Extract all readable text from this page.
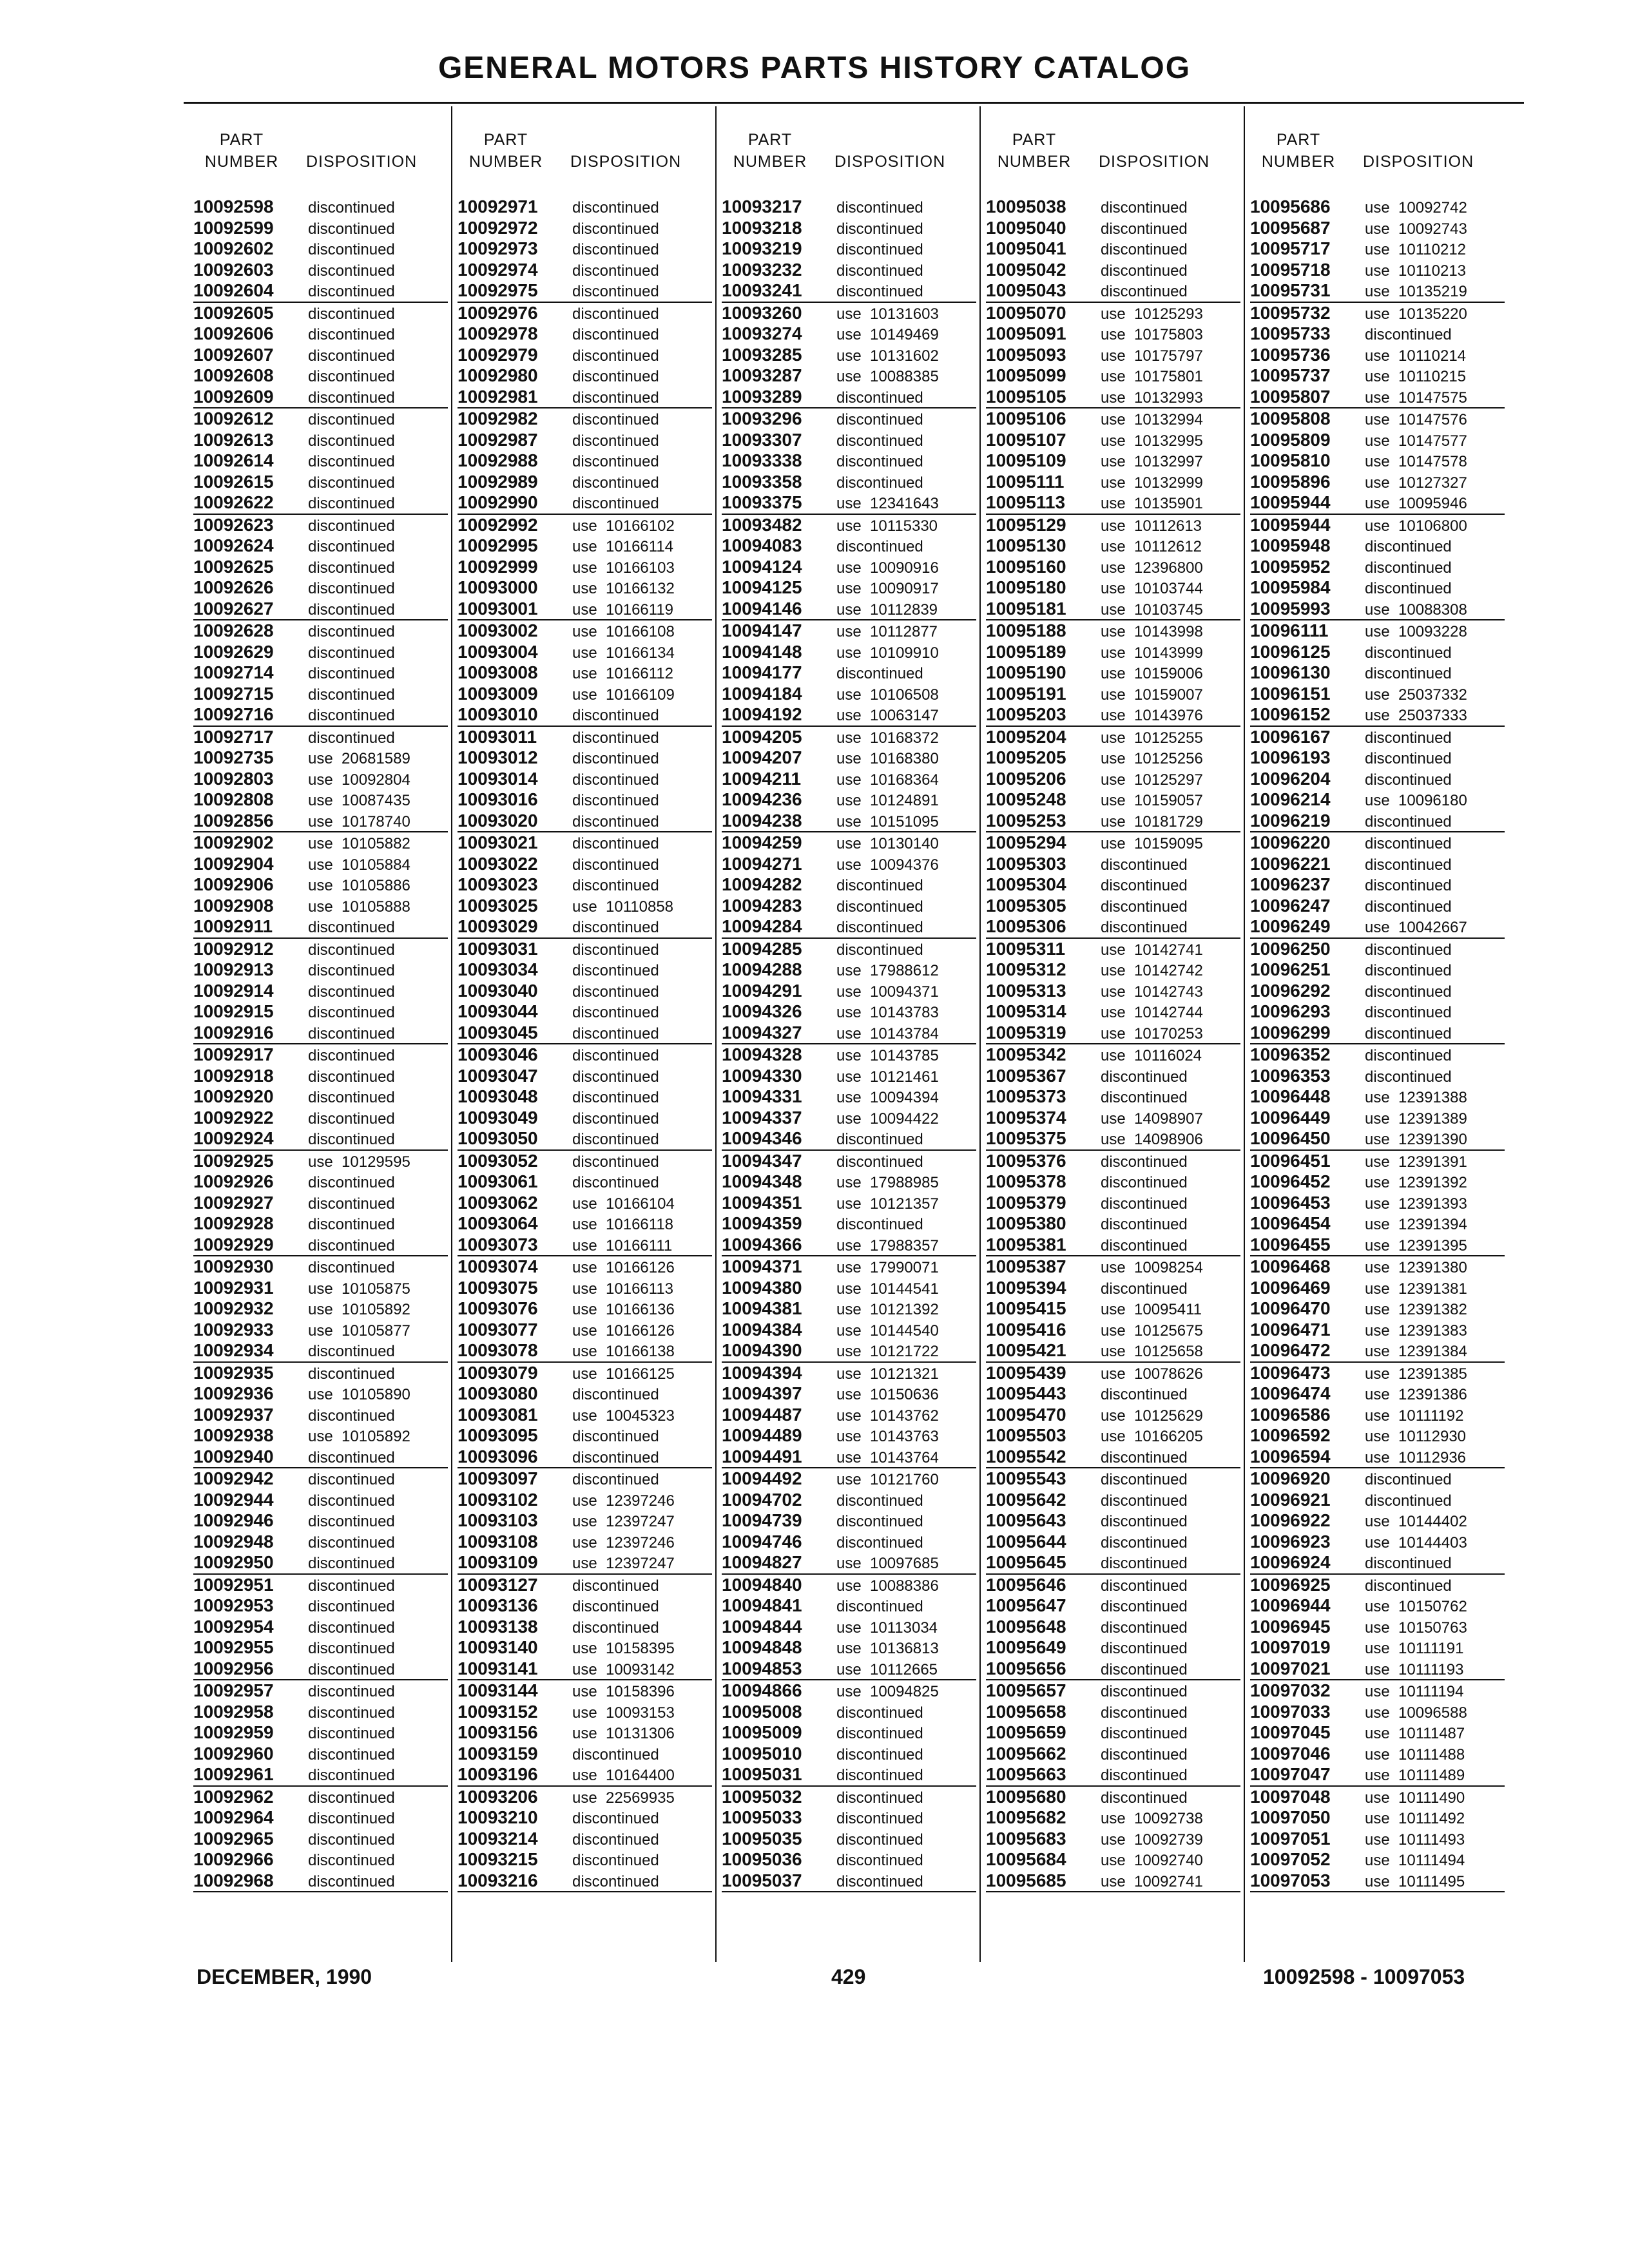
GENERAL MOTORS PARTS HISTORY CATALOG
PART
NUMBER DISPOSITION
10092598 discontinued
10092599 discontinued
10092602 discontinued
10092603 discontinued
10092604 discontinued
10092605 discontinued
10092606 discontinued
10092607 discontinued
10092608 discontinued
10092609 discontinued
10092612 discontinued
10092613 discontinued
10092614 discontinued
10092615 discontinued
10092622 discontinued
10092623 discontinued
10092624 discontinued
10092625 discontinued
10092626 discontinued
10092627 discontinued
10092628 discontinued
10092629 discontinued
10092714 discontinued
10092715 discontinued
10092716 discontinued
10092717 discontinued
10092735 use  20681589
10092803 use  10092804
10092808 use  10087435
10092856 use  10178740
10092902 use  10105882
10092904 use  10105884
10092906 use  10105886
10092908 use  10105888
10092911 discontinued
10092912 discontinued
10092913 discontinued
10092914 discontinued
10092915 discontinued
10092916 discontinued
10092917 discontinued
10092918 discontinued
10092920 discontinued
10092922 discontinued
10092924 discontinued
10092925 use  10129595
10092926 discontinued
10092927 discontinued
10092928 discontinued
10092929 discontinued
10092930 discontinued
10092931 use  10105875
10092932 use  10105892
10092933 use  10105877
10092934 discontinued
10092935 discontinued
10092936 use  10105890
10092937 discontinued
10092938 use  10105892
10092940 discontinued
10092942 discontinued
10092944 discontinued
10092946 discontinued
10092948 discontinued
10092950 discontinued
10092951 discontinued
10092953 discontinued
10092954 discontinued
10092955 discontinued
10092956 discontinued
10092957 discontinued
10092958 discontinued
10092959 discontinued
10092960 discontinued
10092961 discontinued
10092962 discontinued
10092964 discontinued
10092965 discontinued
10092966 discontinued
10092968 discontinued
PART
NUMBER DISPOSITION
10092971 discontinued
10092972 discontinued
10092973 discontinued
10092974 discontinued
10092975 discontinued
10092976 discontinued
10092978 discontinued
10092979 discontinued
10092980 discontinued
10092981 discontinued
10092982 discontinued
10092987 discontinued
10092988 discontinued
10092989 discontinued
10092990 discontinued
10092992 use  10166102
10092995 use  10166114
10092999 use  10166103
10093000 use  10166132
10093001 use  10166119
10093002 use  10166108
10093004 use  10166134
10093008 use  10166112
10093009 use  10166109
10093010 discontinued
10093011 discontinued
10093012 discontinued
10093014 discontinued
10093016 discontinued
10093020 discontinued
10093021 discontinued
10093022 discontinued
10093023 discontinued
10093025 use  10110858
10093029 discontinued
10093031 discontinued
10093034 discontinued
10093040 discontinued
10093044 discontinued
10093045 discontinued
10093046 discontinued
10093047 discontinued
10093048 discontinued
10093049 discontinued
10093050 discontinued
10093052 discontinued
10093061 discontinued
10093062 use  10166104
10093064 use  10166118
10093073 use  10166111
10093074 use  10166126
10093075 use  10166113
10093076 use  10166136
10093077 use  10166126
10093078 use  10166138
10093079 use  10166125
10093080 discontinued
10093081 use  10045323
10093095 discontinued
10093096 discontinued
10093097 discontinued
10093102 use  12397246
10093103 use  12397247
10093108 use  12397246
10093109 use  12397247
10093127 discontinued
10093136 discontinued
10093138 discontinued
10093140 use  10158395
10093141 use  10093142
10093144 use  10158396
10093152 use  10093153
10093156 use  10131306
10093159 discontinued
10093196 use  10164400
10093206 use  22569935
10093210 discontinued
10093214 discontinued
10093215 discontinued
10093216 discontinued
PART
NUMBER DISPOSITION
10093217 discontinued
10093218 discontinued
10093219 discontinued
10093232 discontinued
10093241 discontinued
10093260 use  10131603
10093274 use  10149469
10093285 use  10131602
10093287 use  10088385
10093289 discontinued
10093296 discontinued
10093307 discontinued
10093338 discontinued
10093358 discontinued
10093375 use  12341643
10093482 use  10115330
10094083 discontinued
10094124 use  10090916
10094125 use  10090917
10094146 use  10112839
10094147 use  10112877
10094148 use  10109910
10094177 discontinued
10094184 use  10106508
10094192 use  10063147
10094205 use  10168372
10094207 use  10168380
10094211 use  10168364
10094236 use  10124891
10094238 use  10151095
10094259 use  10130140
10094271 use  10094376
10094282 discontinued
10094283 discontinued
10094284 discontinued
10094285 discontinued
10094288 use  17988612
10094291 use  10094371
10094326 use  10143783
10094327 use  10143784
10094328 use  10143785
10094330 use  10121461
10094331 use  10094394
10094337 use  10094422
10094346 discontinued
10094347 discontinued
10094348 use  17988985
10094351 use  10121357
10094359 discontinued
10094366 use  17988357
10094371 use  17990071
10094380 use  10144541
10094381 use  10121392
10094384 use  10144540
10094390 use  10121722
10094394 use  10121321
10094397 use  10150636
10094487 use  10143762
10094489 use  10143763
10094491 use  10143764
10094492 use  10121760
10094702 discontinued
10094739 discontinued
10094746 discontinued
10094827 use  10097685
10094840 use  10088386
10094841 discontinued
10094844 use  10113034
10094848 use  10136813
10094853 use  10112665
10094866 use  10094825
10095008 discontinued
10095009 discontinued
10095010 discontinued
10095031 discontinued
10095032 discontinued
10095033 discontinued
10095035 discontinued
10095036 discontinued
10095037 discontinued
PART
NUMBER DISPOSITION
10095038 discontinued
10095040 discontinued
10095041 discontinued
10095042 discontinued
10095043 discontinued
10095070 use  10125293
10095091 use  10175803
10095093 use  10175797
10095099 use  10175801
10095105 use  10132993
10095106 use  10132994
10095107 use  10132995
10095109 use  10132997
10095111 use  10132999
10095113 use  10135901
10095129 use  10112613
10095130 use  10112612
10095160 use  12396800
10095180 use  10103744
10095181 use  10103745
10095188 use  10143998
10095189 use  10143999
10095190 use  10159006
10095191 use  10159007
10095203 use  10143976
10095204 use  10125255
10095205 use  10125256
10095206 use  10125297
10095248 use  10159057
10095253 use  10181729
10095294 use  10159095
10095303 discontinued
10095304 discontinued
10095305 discontinued
10095306 discontinued
10095311 use  10142741
10095312 use  10142742
10095313 use  10142743
10095314 use  10142744
10095319 use  10170253
10095342 use  10116024
10095367 discontinued
10095373 discontinued
10095374 use  14098907
10095375 use  14098906
10095376 discontinued
10095378 discontinued
10095379 discontinued
10095380 discontinued
10095381 discontinued
10095387 use  10098254
10095394 discontinued
10095415 use  10095411
10095416 use  10125675
10095421 use  10125658
10095439 use  10078626
10095443 discontinued
10095470 use  10125629
10095503 use  10166205
10095542 discontinued
10095543 discontinued
10095642 discontinued
10095643 discontinued
10095644 discontinued
10095645 discontinued
10095646 discontinued
10095647 discontinued
10095648 discontinued
10095649 discontinued
10095656 discontinued
10095657 discontinued
10095658 discontinued
10095659 discontinued
10095662 discontinued
10095663 discontinued
10095680 discontinued
10095682 use  10092738
10095683 use  10092739
10095684 use  10092740
10095685 use  10092741
PART
NUMBER DISPOSITION
10095686 use  10092742
10095687 use  10092743
10095717 use  10110212
10095718 use  10110213
10095731 use  10135219
10095732 use  10135220
10095733 discontinued
10095736 use  10110214
10095737 use  10110215
10095807 use  10147575
10095808 use  10147576
10095809 use  10147577
10095810 use  10147578
10095896 use  10127327
10095944 use  10095946
10095944 use  10106800
10095948 discontinued
10095952 discontinued
10095984 discontinued
10095993 use  10088308
10096111 use  10093228
10096125 discontinued
10096130 discontinued
10096151 use  25037332
10096152 use  25037333
10096167 discontinued
10096193 discontinued
10096204 discontinued
10096214 use  10096180
10096219 discontinued
10096220 discontinued
10096221 discontinued
10096237 discontinued
10096247 discontinued
10096249 use  10042667
10096250 discontinued
10096251 discontinued
10096292 discontinued
10096293 discontinued
10096299 discontinued
10096352 discontinued
10096353 discontinued
10096448 use  12391388
10096449 use  12391389
10096450 use  12391390
10096451 use  12391391
10096452 use  12391392
10096453 use  12391393
10096454 use  12391394
10096455 use  12391395
10096468 use  12391380
10096469 use  12391381
10096470 use  12391382
10096471 use  12391383
10096472 use  12391384
10096473 use  12391385
10096474 use  12391386
10096586 use  10111192
10096592 use  10112930
10096594 use  10112936
10096920 discontinued
10096921 discontinued
10096922 use  10144402
10096923 use  10144403
10096924 discontinued
10096925 discontinued
10096944 use  10150762
10096945 use  10150763
10097019 use  10111191
10097021 use  10111193
10097032 use  10111194
10097033 use  10096588
10097045 use  10111487
10097046 use  10111488
10097047 use  10111489
10097048 use  10111490
10097050 use  10111492
10097051 use  10111493
10097052 use  10111494
10097053 use  10111495
DECEMBER, 1990	429	10092598 - 10097053
